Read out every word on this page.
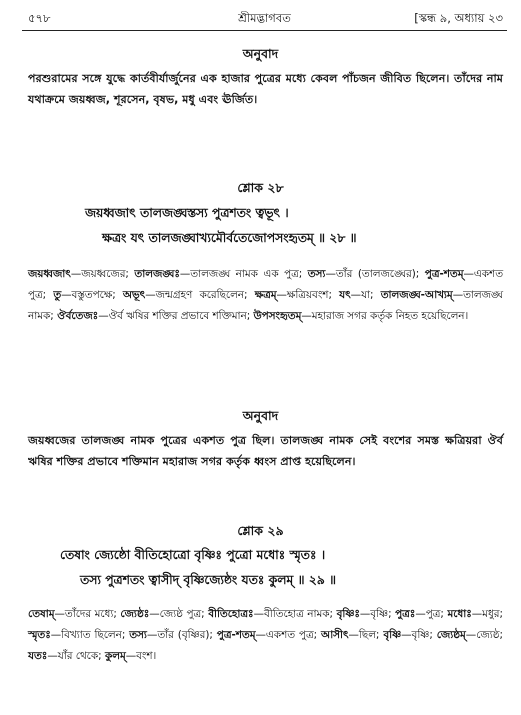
৫৭৮	শ্রীমদ্ভাগবত	[স্কন্ধ ৯, অধ্যায় ২৩
অনুবাদ

পরশুরামের সঙ্গে যুদ্ধে কার্তবীর্যার্জুনের এক হাজার পুত্রের মধ্যে কেবল পাঁচজন জীবিত ছিলেন। তাঁদের নাম যথাক্রমে জয়ধ্বজ, শূরসেন, বৃষভ, মধু এবং ঊর্জিত।

শ্লোক ২৮
জয়ধ্বজাৎ তালজঙ্ঘস্তস্য পুত্রশতং ত্বভূৎ ।
ক্ষত্রং যৎ তালজঙ্ঘাখ্যমৌর্বতেজোপসংহৃতম্ ॥ ২৮ ॥

জয়ধ্বজাৎ—জয়ধ্বজের; তালজঙ্ঘঃ—তালজঙ্ঘ নামক এক পুত্র; তস্য—তাঁর (তালজঙ্ঘের); পুত্র-শতম্—একশত পুত্র; তু—বস্তুতপক্ষে; অভূৎ—জন্মগ্রহণ করেছিলেন; ক্ষত্রম্—ক্ষত্রিয়বংশ; যৎ—যা; তালজঙ্ঘ-আখ্যম্—তালজঙ্ঘ নামক; ঔর্বতেজঃ—ঔর্ব ঋষির শক্তির প্রভাবে শক্তিমান; উপসংহৃতম্—মহারাজ সগর কর্তৃক নিহত হয়েছিলেন।

অনুবাদ

জয়ধ্বজের তালজঙ্ঘ নামক পুত্রের একশত পুত্র ছিল। তালজঙ্ঘ নামক সেই বংশের সমস্ত ক্ষত্রিয়রা ঔর্ব ঋষির শক্তির প্রভাবে শক্তিমান মহারাজ সগর কর্তৃক ধ্বংস প্রাপ্ত হয়েছিলেন।

শ্লোক ২৯
তেষাং জ্যেষ্ঠো বীতিহোত্রো বৃষ্ণিঃ পুত্রো মধোঃ স্মৃতঃ ।
তস্য পুত্রশতং ত্বাসীদ্ বৃষ্ণিজ্যেষ্ঠং যতঃ কুলম্ ॥ ২৯ ॥

তেষাম্—তাঁদের মধ্যে; জ্যেষ্ঠঃ—জ্যেষ্ঠ পুত্র; বীতিহোত্রঃ—বীতিহোত্র নামক; বৃষ্ণিঃ—বৃষ্ণি; পুত্রঃ—পুত্র; মধোঃ—মধুর; স্মৃতঃ—বিখ্যাত ছিলেন; তস্য—তাঁর (বৃষ্ণির); পুত্র-শতম্—একশত পুত্র; আসীৎ—ছিল; বৃষ্ণি—বৃষ্ণি; জ্যেষ্ঠম্—জ্যেষ্ঠ; যতঃ—যাঁর থেকে; কুলম্—বংশ।
